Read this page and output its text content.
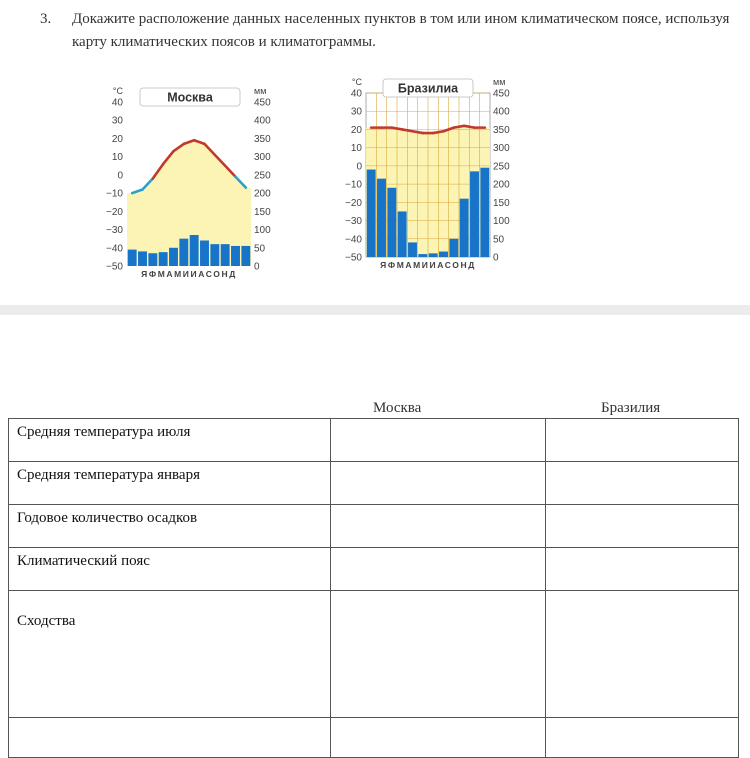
3. Докажите расположение данных населенных пунктов в том или ином климатическом поясе, используя карту климатических поясов и климатограммы.
40
30
20
10
0
−10
−20
−30
−40
−50
450
400
350
300
250
200
150
100
50
0
°С	мм
Москва
ЯФМАМИИАСОНД
40
30
20
10
0
−10
−20
−30
−40
−50
450
400
350
300
250
200
150
100
50
0
°С	мм
Бразилиа
ЯФМАМИИАСОНД
Москва	Бразилия
Средняя температура июля		
Средняя температура января		
Годовое количество осадков		
Климатический пояс		
Сходства		
